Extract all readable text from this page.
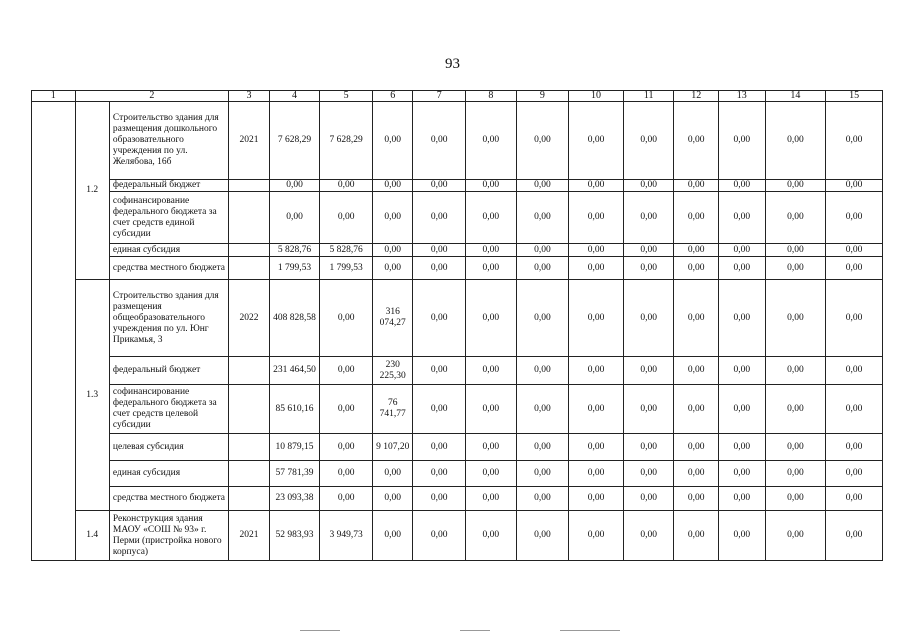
93
1	2		3	4	5	6	7	8	9	10	11	12	13	14	15
	1.2	Строительство здания для размещения дошкольного образовательного учреждения по ул. Желябова, 16б	2021	7 628,29	7 628,29	0,00	0,00	0,00	0,00	0,00	0,00	0,00	0,00	0,00	0,00
		федеральный бюджет		0,00	0,00	0,00	0,00	0,00	0,00	0,00	0,00	0,00	0,00	0,00	0,00
		софинансирование федерального бюджета за счет средств единой субсидии		0,00	0,00	0,00	0,00	0,00	0,00	0,00	0,00	0,00	0,00	0,00	0,00
		единая субсидия		5 828,76	5 828,76	0,00	0,00	0,00	0,00	0,00	0,00	0,00	0,00	0,00	0,00
		средства местного бюджета		1 799,53	1 799,53	0,00	0,00	0,00	0,00	0,00	0,00	0,00	0,00	0,00	0,00
	1.3	Строительство здания для размещения общеобразовательного учреждения по ул. Юнг Прикамья, 3	2022	408 828,58	0,00	316 074,27	0,00	0,00	0,00	0,00	0,00	0,00	0,00	0,00	0,00
		федеральный бюджет		231 464,50	0,00	230 225,30	0,00	0,00	0,00	0,00	0,00	0,00	0,00	0,00	0,00
		софинансирование федерального бюджета за счет средств целевой субсидии		85 610,16	0,00	76 741,77	0,00	0,00	0,00	0,00	0,00	0,00	0,00	0,00	0,00
		целевая субсидия		10 879,15	0,00	9 107,20	0,00	0,00	0,00	0,00	0,00	0,00	0,00	0,00	0,00
		единая субсидия		57 781,39	0,00	0,00	0,00	0,00	0,00	0,00	0,00	0,00	0,00	0,00	0,00
		средства местного бюджета		23 093,38	0,00	0,00	0,00	0,00	0,00	0,00	0,00	0,00	0,00	0,00	0,00
	1.4	Реконструкция здания МАОУ «СОШ № 93» г. Перми (пристройка нового корпуса)	2021	52 983,93	3 949,73	0,00	0,00	0,00	0,00	0,00	0,00	0,00	0,00	0,00	0,00
